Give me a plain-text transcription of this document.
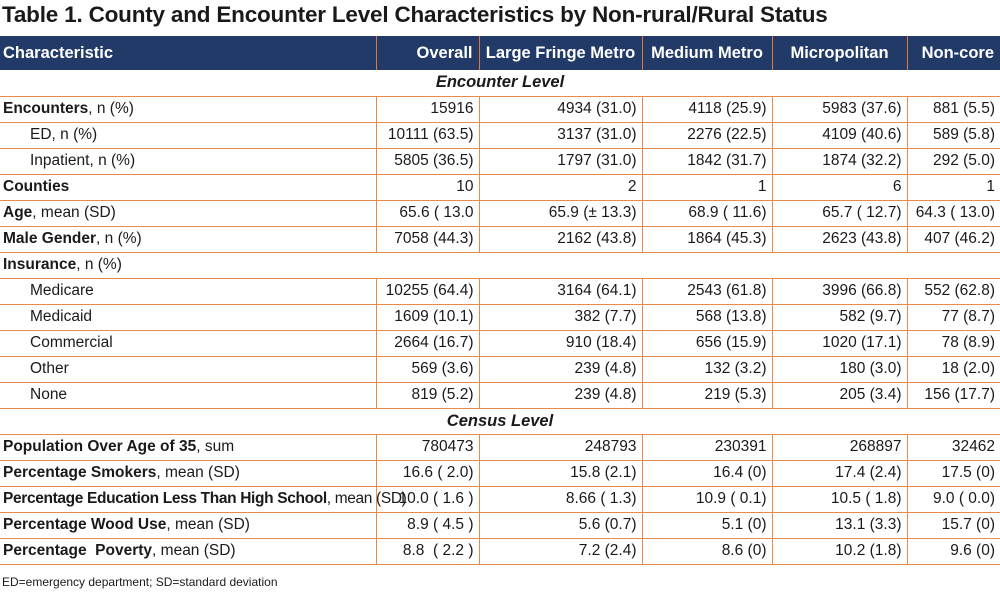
Table 1. County and Encounter Level Characteristics by Non-rural/Rural Status
Characteristic	Overall	Large Fringe Metro	Medium Metro	Micropolitan	Non-core
Encounter Level					
Encounters, n (%)	15916	4934 (31.0)	4118 (25.9)	5983 (37.6)	881 (5.5)
ED, n (%)	10111 (63.5)	3137 (31.0)	2276 (22.5)	4109 (40.6)	589 (5.8)
Inpatient, n (%)	5805 (36.5)	1797 (31.0)	1842 (31.7)	1874 (32.2)	292 (5.0)
Counties	10	2	1	6	1
Age, mean (SD)	65.6 ( 13.0	65.9 (± 13.3)	68.9 ( 11.6)	65.7 ( 12.7)	64.3 ( 13.0)
Male Gender, n (%)	7058 (44.3)	2162 (43.8)	1864 (45.3)	2623 (43.8)	407 (46.2)
Insurance, n (%)					
Medicare	10255 (64.4)	3164 (64.1)	2543 (61.8)	3996 (66.8)	552 (62.8)
Medicaid	1609 (10.1)	382 (7.7)	568 (13.8)	582 (9.7)	77 (8.7)
Commercial	2664 (16.7)	910 (18.4)	656 (15.9)	1020 (17.1)	78 (8.9)
Other	569 (3.6)	239 (4.8)	132 (3.2)	180 (3.0)	18 (2.0)
None	819 (5.2)	239 (4.8)	219 (5.3)	205 (3.4)	156 (17.7)
Census Level					
Population Over Age of 35, sum	780473	248793	230391	268897	32462
Percentage Smokers, mean (SD)	16.6 ( 2.0)	15.8 (2.1)	16.4 (0)	17.4 (2.4)	17.5 (0)
Percentage Education Less Than High School, mean (SD)	10.0 ( 1.6 )	8.66 ( 1.3)	10.9 ( 0.1)	10.5 ( 1.8)	9.0 ( 0.0)
Percentage Wood Use, mean (SD)	8.9 ( 4.5 )	5.6 (0.7)	5.1 (0)	13.1 (3.3)	15.7 (0)
Percentage  Poverty, mean (SD)	8.8  ( 2.2 )	7.2 (2.4)	8.6 (0)	10.2 (1.8)	9.6 (0)
ED=emergency department; SD=standard deviation
